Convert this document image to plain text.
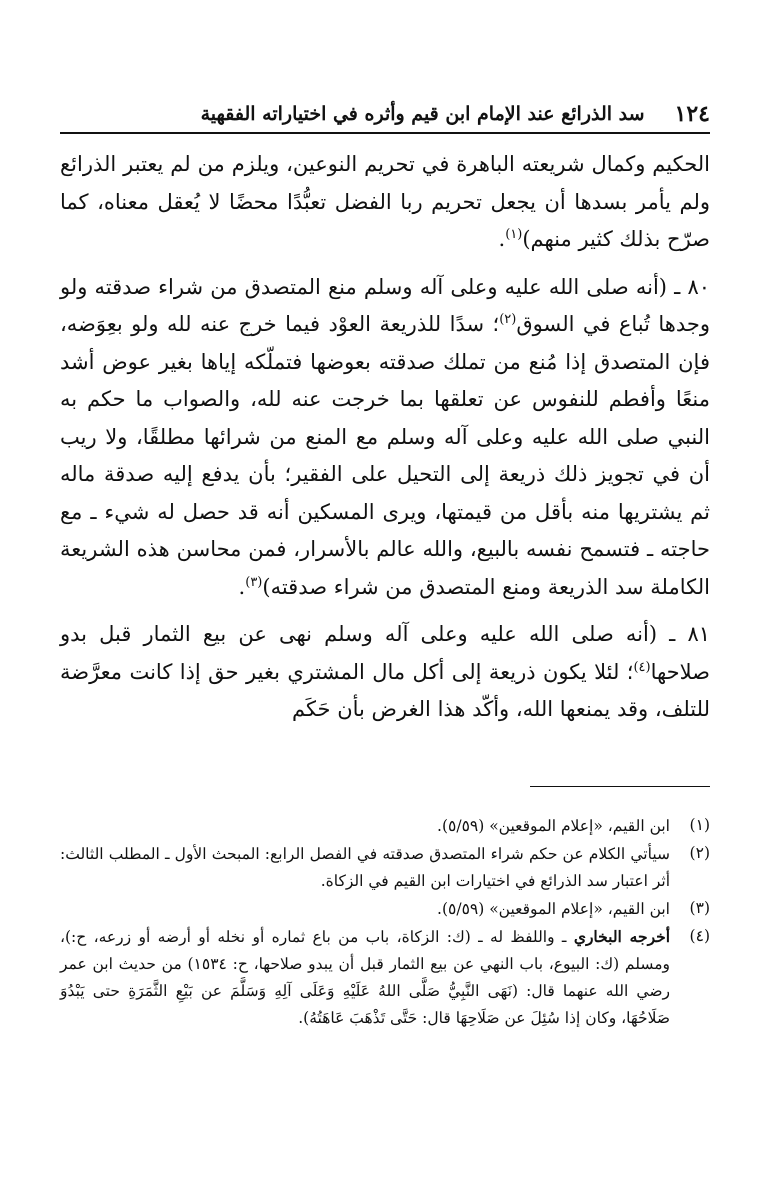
١٢٤
سد الذرائع عند الإمام ابن قيم وأثره في اختياراته الفقهية

الحكيم وكمال شريعته الباهرة في تحريم النوعين، ويلزم من لم يعتبر الذرائع ولم يأمر بسدها أن يجعل تحريم ربا الفضل تعبُّدًا محضًا لا يُعقل معناه، كما صرّح بذلك كثير منهم)$^{(١)}$.

٨٠ ـ (أنه صلى الله عليه وعلى آله وسلم منع المتصدق من شراء صدقته ولو وجدها تُباع في السوق$^{(٢)}$؛ سدًا للذريعة العوْد فيما خرج عنه لله ولو بعِوَضه، فإن المتصدق إذا مُنع من تملك صدقته بعوضها فتملّكه إياها بغير عوض أشد منعًا وأفطم للنفوس عن تعلقها بما خرجت عنه لله، والصواب ما حكم به النبي صلى الله عليه وعلى آله وسلم مع المنع من شرائها مطلقًا، ولا ريب أن في تجويز ذلك ذريعة إلى التحيل على الفقير؛ بأن يدفع إليه صدقة ماله ثم يشتريها منه بأقل من قيمتها، ويرى المسكين أنه قد حصل له شيء ـ مع حاجته ـ فتسمح نفسه بالبيع، والله عالم بالأسرار، فمن محاسن هذه الشريعة الكاملة سد الذريعة ومنع المتصدق من شراء صدقته)$^{(٣)}$.

٨١ ـ (أنه صلى الله عليه وعلى آله وسلم نهى عن بيع الثمار قبل بدو صلاحها$^{(٤)}$؛ لئلا يكون ذريعة إلى أكل مال المشتري بغير حق إذا كانت معرَّضة للتلف، وقد يمنعها الله، وأكّد هذا الغرض بأن حَكَم

(١)
ابن القيم، «إعلام الموقعين» (٥/٥٩).
(٢)
سيأتي الكلام عن حكم شراء المتصدق صدقته في الفصل الرابع: المبحث الأول ـ المطلب الثالث: أثر اعتبار سد الذرائع في اختيارات ابن القيم في الزكاة.
(٣)
ابن القيم، «إعلام الموقعين» (٥/٥٩).
(٤)
أخرجه البخاري ـ واللفظ له ـ (ك: الزكاة، باب من باع ثماره أو نخله أو أرضه أو زرعه، ح:)، ومسلم (ك: البيوع، باب النهي عن بيع الثمار قبل أن يبدو صلاحها، ح: ١٥٣٤) من حديث ابن عمر رضي الله عنهما قال: (نَهَى النَّبِيُّ صَلَّى اللهُ عَلَيْهِ وَعَلَى آلِهِ وَسَلَّمَ عن بَيْعِ الثَّمَرَةِ حتى يَبْدُوَ صَلَاحُهَا، وكان إذا سُئِلَ عن صَلَاحِهَا قال: حَتَّى تَذْهَبَ عَاهَتُهُ).
